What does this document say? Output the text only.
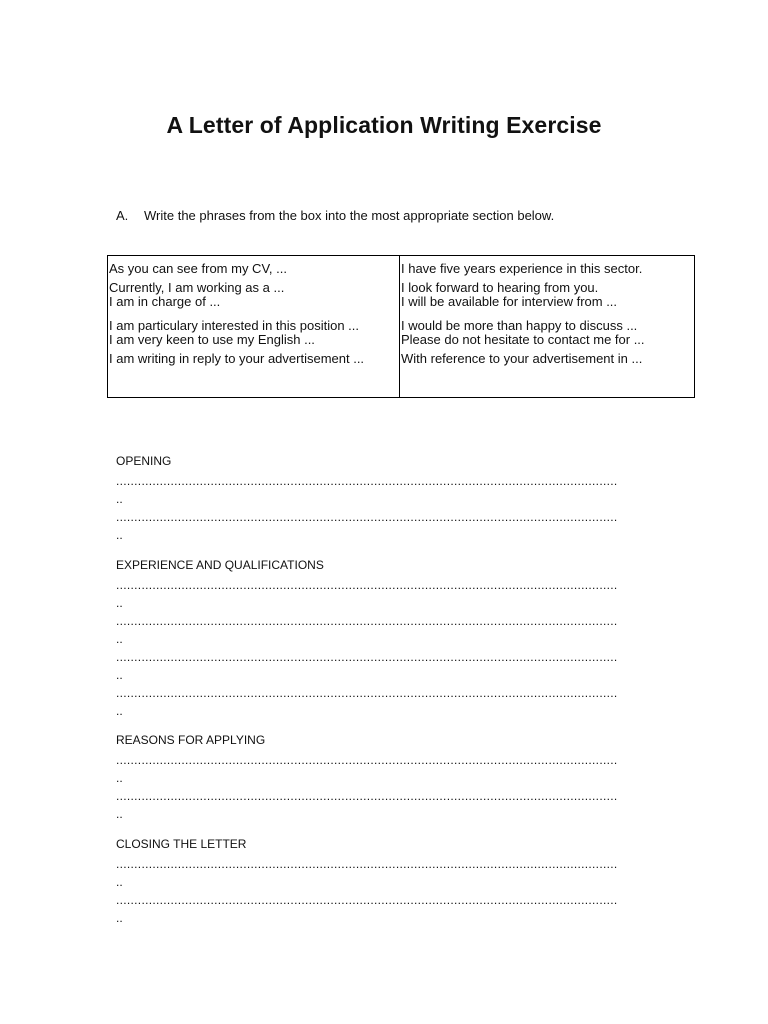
A Letter of Application Writing Exercise
A. Write the phrases from the box into the most appropriate section below.
As you can see from my CV, ...
Currently, I am working as a ...
I am in charge of ...
I am particulary interested in this position ...
I am very keen to use my English ...
I am writing in reply to your advertisement ...
I have five years experience in this sector.
I look forward to hearing from you.
I will be available for interview from ...
I would be more than happy to discuss ...
Please do not hesitate to contact me for ...
With reference to your advertisement in ...
OPENING
..........................................................................................................................................
..
..........................................................................................................................................
..
EXPERIENCE AND QUALIFICATIONS
..........................................................................................................................................
..
..........................................................................................................................................
..
..........................................................................................................................................
..
..........................................................................................................................................
..
REASONS FOR APPLYING
..........................................................................................................................................
..
..........................................................................................................................................
..
CLOSING THE LETTER
..........................................................................................................................................
..
..........................................................................................................................................
..
